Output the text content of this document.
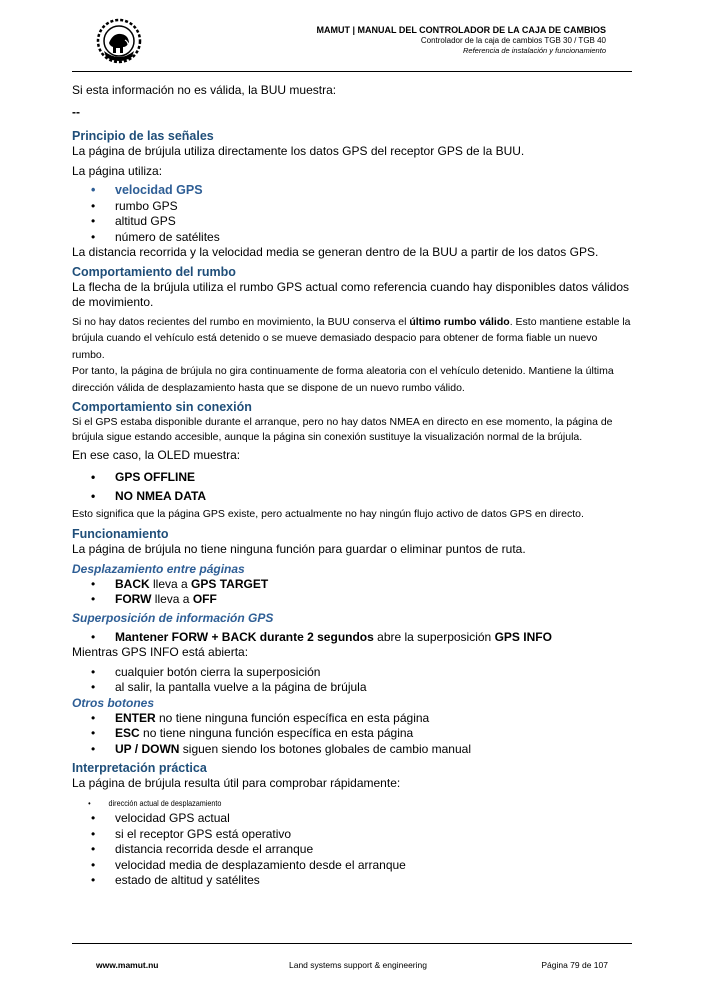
MAMUT | MANUAL DEL CONTROLADOR DE LA CAJA DE CAMBIOS
Controlador de la caja de cambios TGB 30 / TGB 40
Referencia de instalación y funcionamiento

Si esta información no es válida, la BUU muestra:

--

Principio de las señales

La página de brújula utiliza directamente los datos GPS del receptor GPS de la BUU.

La página utiliza:

• velocidad GPS
• rumbo GPS
• altitud GPS
• número de satélites

La distancia recorrida y la velocidad media se generan dentro de la BUU a partir de los datos GPS.

Comportamiento del rumbo

La flecha de la brújula utiliza el rumbo GPS actual como referencia cuando hay disponibles datos válidos de movimiento.

Si no hay datos recientes del rumbo en movimiento, la BUU conserva el último rumbo válido. Esto mantiene estable la brújula cuando el vehículo está detenido o se mueve demasiado despacio para obtener de forma fiable un nuevo rumbo.

Por tanto, la página de brújula no gira continuamente de forma aleatoria con el vehículo detenido. Mantiene la última dirección válida de desplazamiento hasta que se dispone de un nuevo rumbo válido.

Comportamiento sin conexión

Si el GPS estaba disponible durante el arranque, pero no hay datos NMEA en directo en ese momento, la página de brújula sigue estando accesible, aunque la página sin conexión sustituye la visualización normal de la brújula.

En ese caso, la OLED muestra:

• GPS OFFLINE
• NO NMEA DATA

Esto significa que la página GPS existe, pero actualmente no hay ningún flujo activo de datos GPS en directo.

Funcionamiento

La página de brújula no tiene ninguna función para guardar o eliminar puntos de ruta.

Desplazamiento entre páginas

• BACK lleva a GPS TARGET
• FORW lleva a OFF

Superposición de información GPS

• Mantener FORW + BACK durante 2 segundos abre la superposición GPS INFO

Mientras GPS INFO está abierta:

• cualquier botón cierra la superposición
• al salir, la pantalla vuelve a la página de brújula

Otros botones

• ENTER no tiene ninguna función específica en esta página
• ESC no tiene ninguna función específica en esta página
• UP / DOWN siguen siendo los botones globales de cambio manual

Interpretación práctica

La página de brújula resulta útil para comprobar rápidamente:

• dirección actual de desplazamiento
• velocidad GPS actual
• si el receptor GPS está operativo
• distancia recorrida desde el arranque
• velocidad media de desplazamiento desde el arranque
• estado de altitud y satélites
www.mamut.nu	Land systems support & engineering	Página 79 de 107
